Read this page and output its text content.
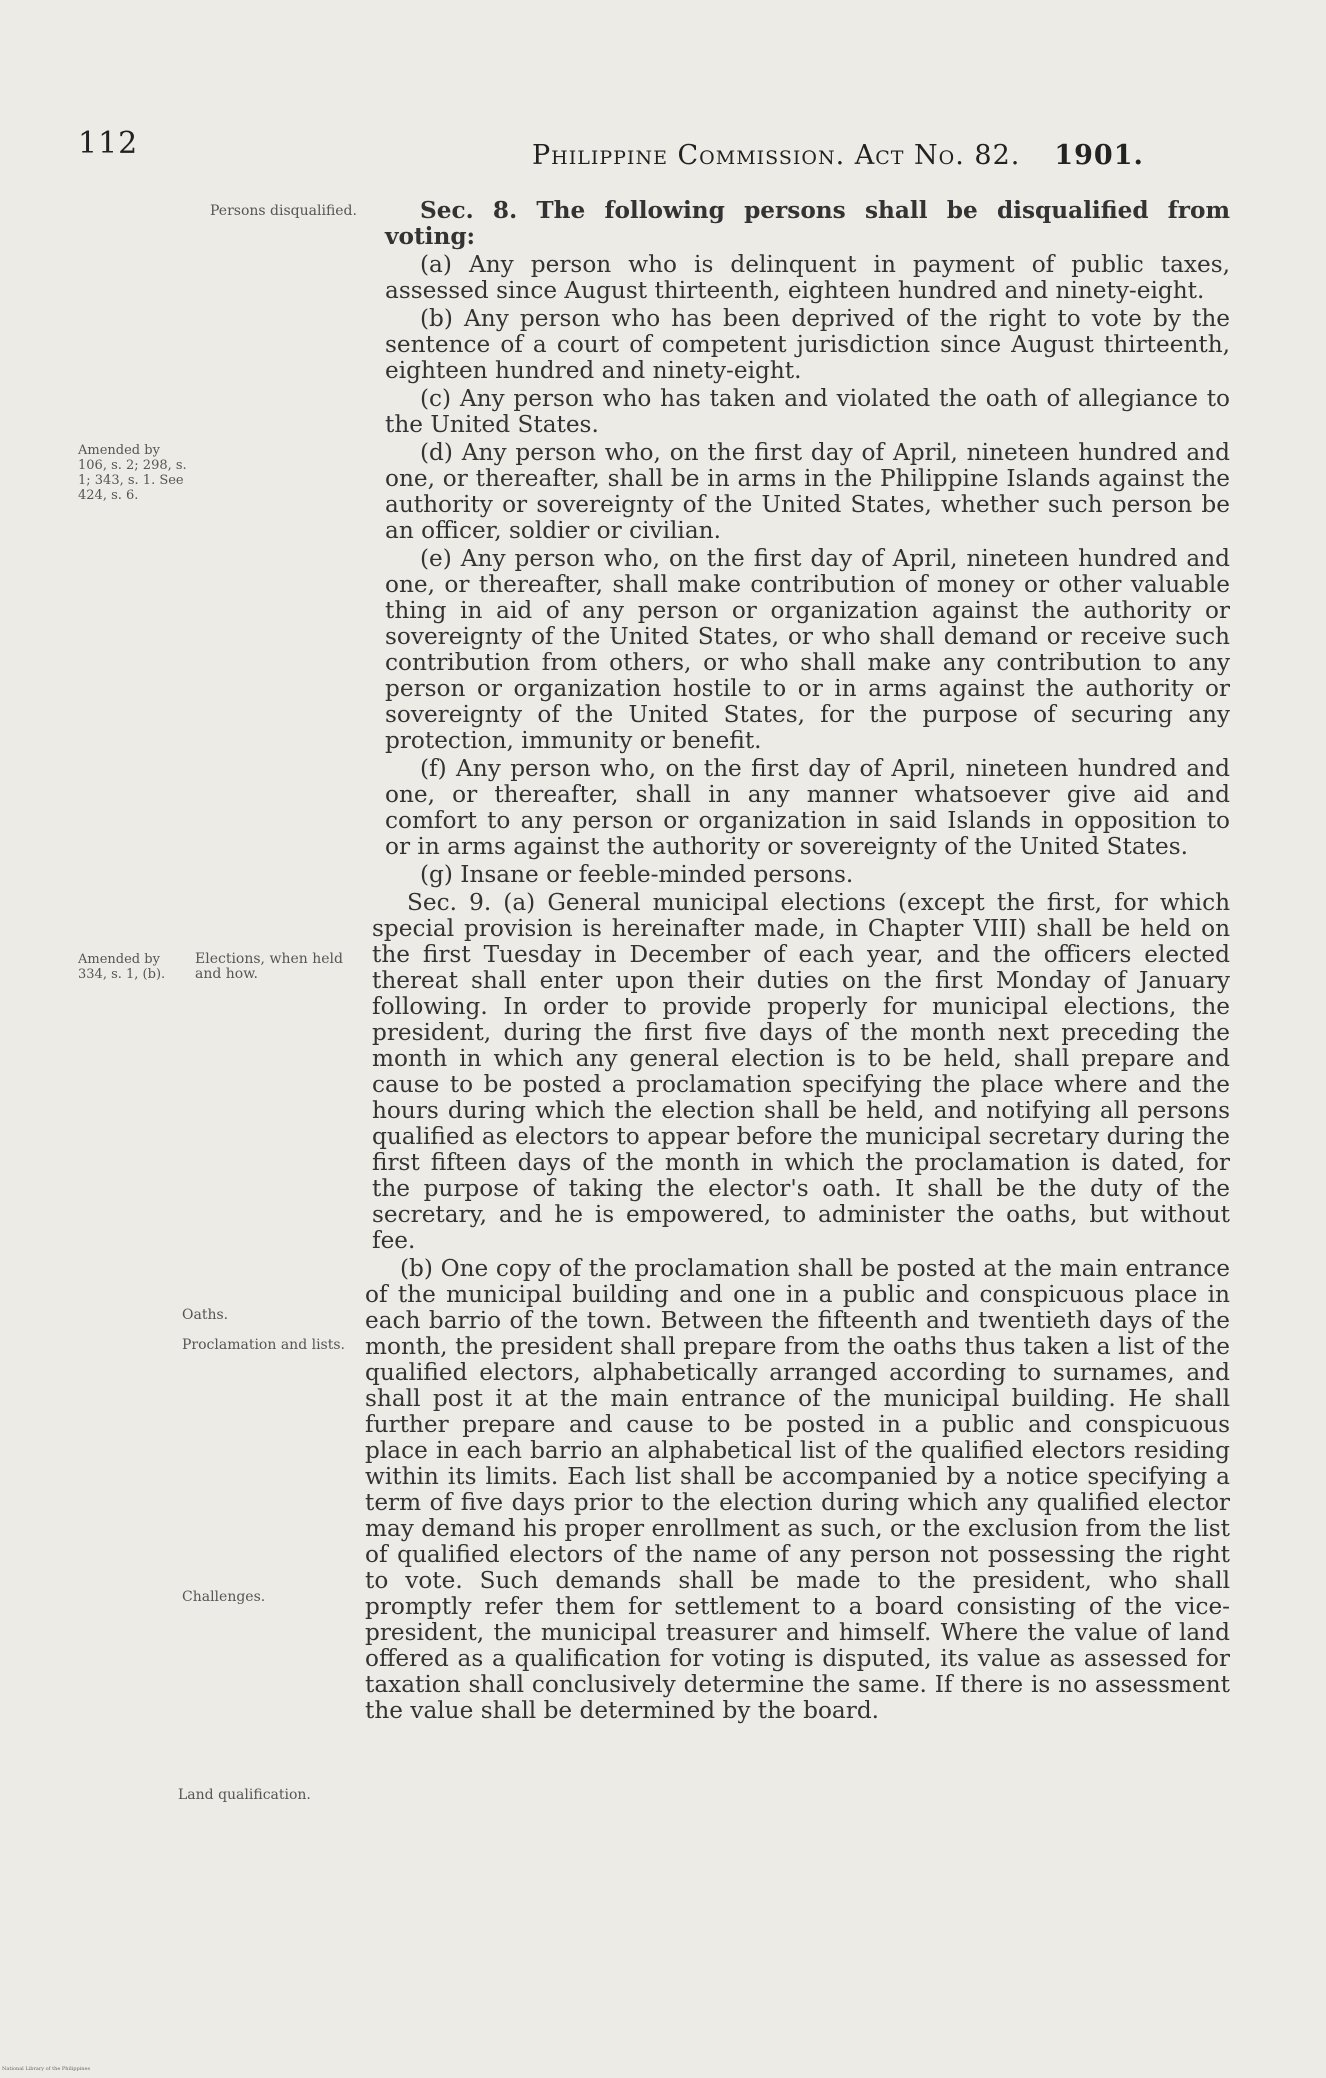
112	Philippine Commission. Act No. 82. 1901.
Persons disqualified.
Amended by 106, s. 2; 298, s. 1; 343, s. 1. See 424, s. 6.
Amended by 334, s. 1, (b).
Elections, when held and how.
Oaths.
Proclamation and lists.
Challenges.
Land qualification.

Sec. 8. The following persons shall be disqualified from voting:

(a) Any person who is delinquent in payment of public taxes, assessed since August thirteenth, eighteen hundred and ninety-eight.

(b) Any person who has been deprived of the right to vote by the sentence of a court of competent jurisdiction since August thirteenth, eighteen hundred and ninety-eight.

(c) Any person who has taken and violated the oath of allegiance to the United States.

(d) Any person who, on the first day of April, nineteen hundred and one, or thereafter, shall be in arms in the Philippine Islands against the authority or sovereignty of the United States, whether such person be an officer, soldier or civilian.

(e) Any person who, on the first day of April, nineteen hundred and one, or thereafter, shall make contribution of money or other valuable thing in aid of any person or organization against the authority or sovereignty of the United States, or who shall demand or receive such contribution from others, or who shall make any contribution to any person or organization hostile to or in arms against the authority or sovereignty of the United States, for the purpose of securing any protection, immunity or benefit.

(f) Any person who, on the first day of April, nineteen hundred and one, or thereafter, shall in any manner whatsoever give aid and comfort to any person or organization in said Islands in opposition to or in arms against the authority or sovereignty of the United States.

(g) Insane or feeble-minded persons.

Sec. 9. (a) General municipal elections (except the first, for which special provision is hereinafter made, in Chapter VIII) shall be held on the first Tuesday in December of each year, and the officers elected thereat shall enter upon their duties on the first Monday of January following. In order to provide properly for municipal elections, the president, during the first five days of the month next preceding the month in which any general election is to be held, shall prepare and cause to be posted a proclamation specifying the place where and the hours during which the election shall be held, and notifying all persons qualified as electors to appear before the municipal secretary during the first fifteen days of the month in which the proclamation is dated, for the purpose of taking the elector's oath. It shall be the duty of the secretary, and he is empowered, to administer the oaths, but without fee.

(b) One copy of the proclamation shall be posted at the main entrance of the municipal building and one in a public and conspicuous place in each barrio of the town. Between the fifteenth and twentieth days of the month, the president shall prepare from the oaths thus taken a list of the qualified electors, alphabetically arranged according to surnames, and shall post it at the main entrance of the municipal building. He shall further prepare and cause to be posted in a public and conspicuous place in each barrio an alphabetical list of the qualified electors residing within its limits. Each list shall be accompanied by a notice specifying a term of five days prior to the election during which any qualified elector may demand his proper enrollment as such, or the exclusion from the list of qualified electors of the name of any person not possessing the right to vote. Such demands shall be made to the president, who shall promptly refer them for settlement to a board consisting of the vice-president, the municipal treasurer and himself. Where the value of land offered as a qualification for voting is disputed, its value as assessed for taxation shall conclusively determine the same. If there is no assessment the value shall be determined by the board.

National Library of the Philippines
